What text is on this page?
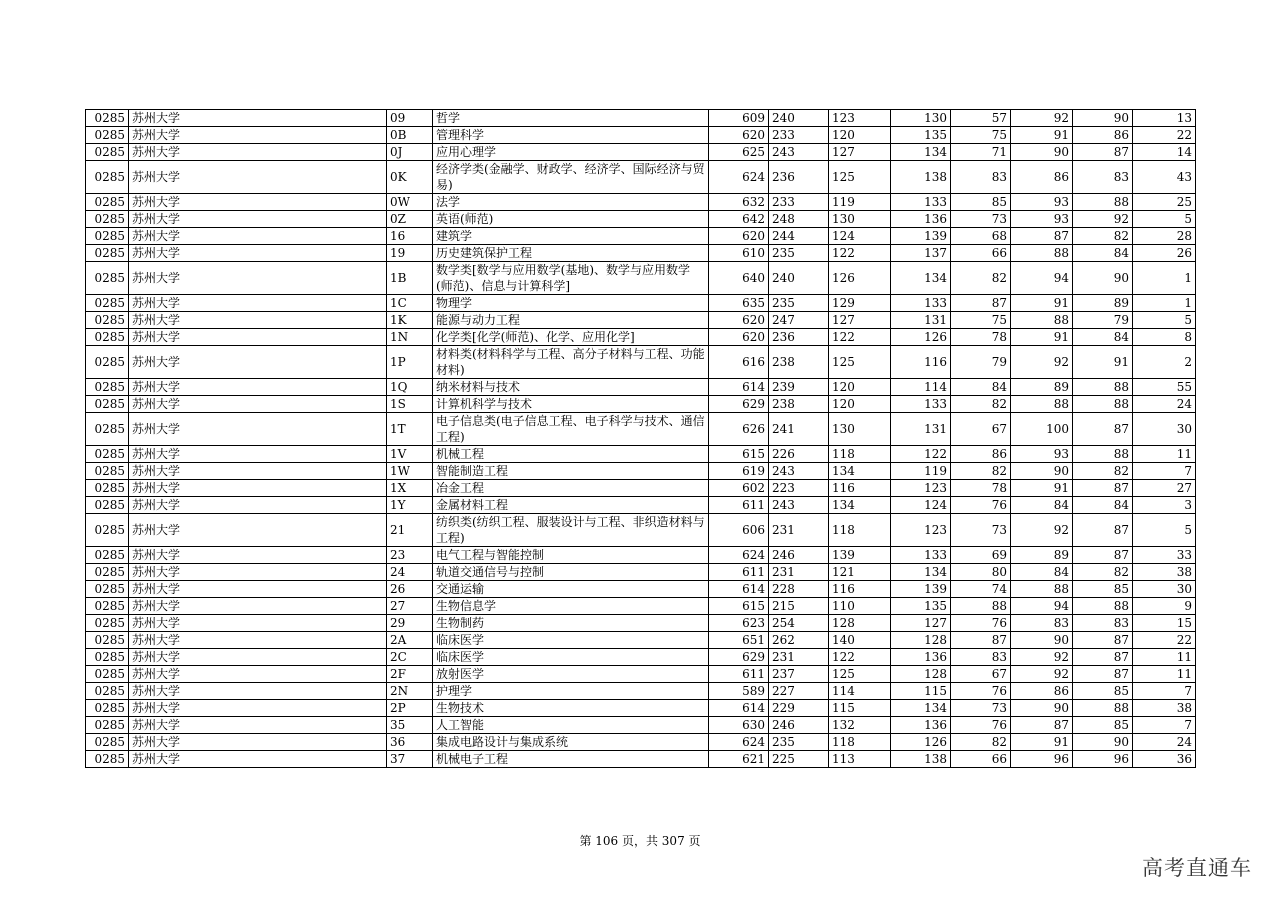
0285	苏州大学	09	哲学	609	240	123	130	57	92	90	13
0285	苏州大学	0B	管理科学	620	233	120	135	75	91	86	22
0285	苏州大学	0J	应用心理学	625	243	127	134	71	90	87	14
0285	苏州大学	0K	经济学类(金融学、财政学、经济学、国际经济与贸易)	624	236	125	138	83	86	83	43
0285	苏州大学	0W	法学	632	233	119	133	85	93	88	25
0285	苏州大学	0Z	英语(师范)	642	248	130	136	73	93	92	5
0285	苏州大学	16	建筑学	620	244	124	139	68	87	82	28
0285	苏州大学	19	历史建筑保护工程	610	235	122	137	66	88	84	26
0285	苏州大学	1B	数学类[数学与应用数学(基地)、数学与应用数学(师范)、信息与计算科学]	640	240	126	134	82	94	90	1
0285	苏州大学	1C	物理学	635	235	129	133	87	91	89	1
0285	苏州大学	1K	能源与动力工程	620	247	127	131	75	88	79	5
0285	苏州大学	1N	化学类[化学(师范)、化学、应用化学]	620	236	122	126	78	91	84	8
0285	苏州大学	1P	材料类(材料科学与工程、高分子材料与工程、功能材料)	616	238	125	116	79	92	91	2
0285	苏州大学	1Q	纳米材料与技术	614	239	120	114	84	89	88	55
0285	苏州大学	1S	计算机科学与技术	629	238	120	133	82	88	88	24
0285	苏州大学	1T	电子信息类(电子信息工程、电子科学与技术、通信工程)	626	241	130	131	67	100	87	30
0285	苏州大学	1V	机械工程	615	226	118	122	86	93	88	11
0285	苏州大学	1W	智能制造工程	619	243	134	119	82	90	82	7
0285	苏州大学	1X	冶金工程	602	223	116	123	78	91	87	27
0285	苏州大学	1Y	金属材料工程	611	243	134	124	76	84	84	3
0285	苏州大学	21	纺织类(纺织工程、服装设计与工程、非织造材料与工程)	606	231	118	123	73	92	87	5
0285	苏州大学	23	电气工程与智能控制	624	246	139	133	69	89	87	33
0285	苏州大学	24	轨道交通信号与控制	611	231	121	134	80	84	82	38
0285	苏州大学	26	交通运输	614	228	116	139	74	88	85	30
0285	苏州大学	27	生物信息学	615	215	110	135	88	94	88	9
0285	苏州大学	29	生物制药	623	254	128	127	76	83	83	15
0285	苏州大学	2A	临床医学	651	262	140	128	87	90	87	22
0285	苏州大学	2C	临床医学	629	231	122	136	83	92	87	11
0285	苏州大学	2F	放射医学	611	237	125	128	67	92	87	11
0285	苏州大学	2N	护理学	589	227	114	115	76	86	85	7
0285	苏州大学	2P	生物技术	614	229	115	134	73	90	88	38
0285	苏州大学	35	人工智能	630	246	132	136	76	87	85	7
0285	苏州大学	36	集成电路设计与集成系统	624	235	118	126	82	91	90	24
0285	苏州大学	37	机械电子工程	621	225	113	138	66	96	96	36
第 106 页，共 307 页
高考直通车
